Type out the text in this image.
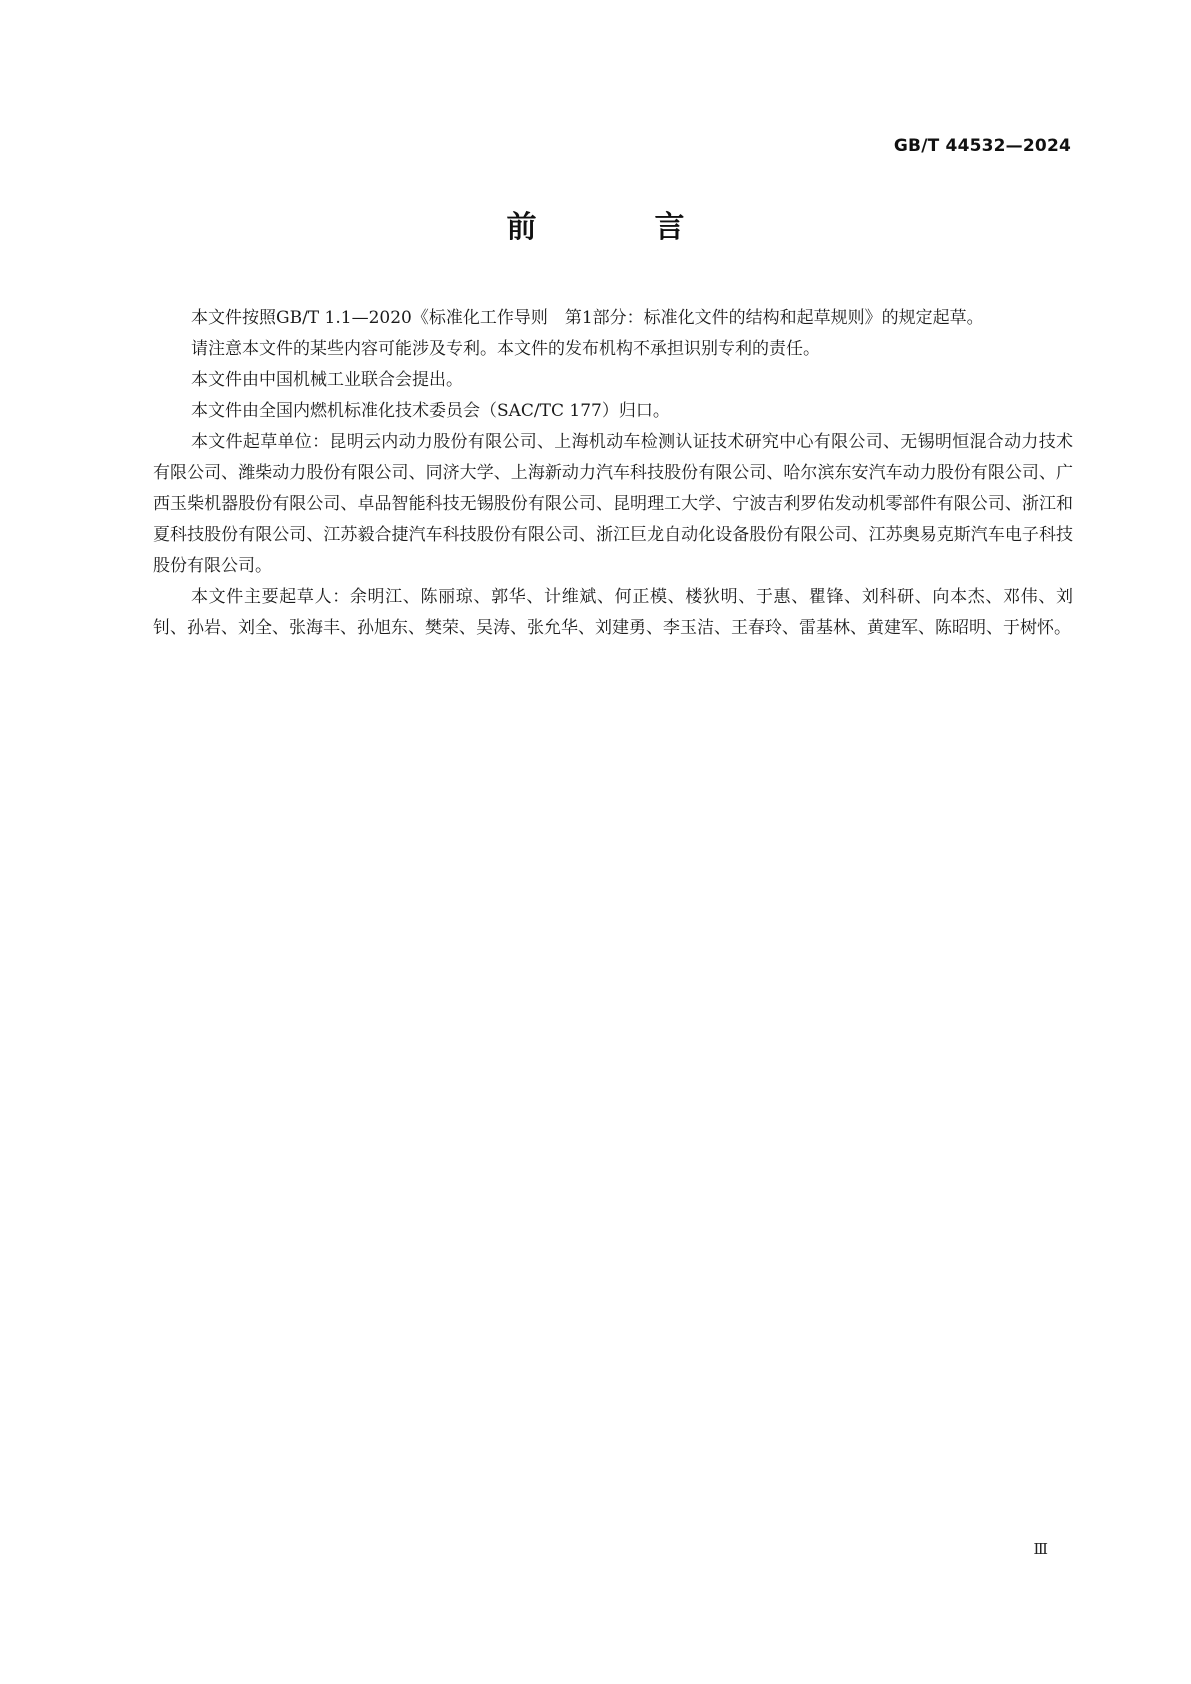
GB/T 44532—2024
前　言

本文件按照GB/T 1.1—2020《标准化工作导则　第1部分：标准化文件的结构和起草规则》的规定起草。

请注意本文件的某些内容可能涉及专利。本文件的发布机构不承担识别专利的责任。

本文件由中国机械工业联合会提出。

本文件由全国内燃机标准化技术委员会（SAC/TC 177）归口。

本文件起草单位：昆明云内动力股份有限公司、上海机动车检测认证技术研究中心有限公司、无锡明恒混合动力技术有限公司、潍柴动力股份有限公司、同济大学、上海新动力汽车科技股份有限公司、哈尔滨东安汽车动力股份有限公司、广西玉柴机器股份有限公司、卓品智能科技无锡股份有限公司、昆明理工大学、宁波吉利罗佑发动机零部件有限公司、浙江和夏科技股份有限公司、江苏毅合捷汽车科技股份有限公司、浙江巨龙自动化设备股份有限公司、江苏奥易克斯汽车电子科技股份有限公司。

本文件主要起草人：余明江、陈丽琼、郭华、计维斌、何正模、楼狄明、于惠、瞿锋、刘科研、向本杰、邓伟、刘钊、孙岩、刘全、张海丰、孙旭东、樊荣、吴涛、张允华、刘建勇、李玉洁、王春玲、雷基林、黄建军、陈昭明、于树怀。

Ⅲ
